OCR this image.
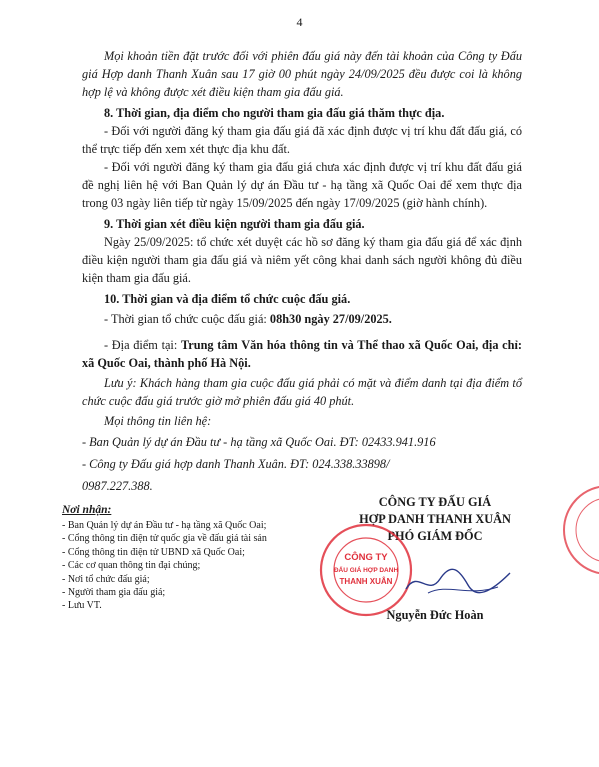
4
Mọi khoản tiền đặt trước đối với phiên đấu giá này đến tài khoản của Công ty Đấu giá Hợp danh Thanh Xuân sau 17 giờ 00 phút ngày 24/09/2025 đều được coi là không hợp lệ và không được xét điều kiện tham gia đấu giá.
8. Thời gian, địa điểm cho người tham gia đấu giá thăm thực địa.
- Đối với người đăng ký tham gia đấu giá đã xác định được vị trí khu đất đấu giá, có thể trực tiếp đến xem xét thực địa khu đất.
- Đối với người đăng ký tham gia đấu giá chưa xác định được vị trí khu đất đấu giá đề nghị liên hệ với Ban Quản lý dự án Đầu tư - hạ tầng xã Quốc Oai để xem thực địa trong 03 ngày liên tiếp từ ngày 15/09/2025 đến ngày 17/09/2025 (giờ hành chính).
9. Thời gian xét điều kiện người tham gia đấu giá.
Ngày 25/09/2025: tổ chức xét duyệt các hồ sơ đăng ký tham gia đấu giá để xác định điều kiện người tham gia đấu giá và niêm yết công khai danh sách người không đủ điều kiện tham gia đấu giá.
10. Thời gian và địa điểm tổ chức cuộc đấu giá.
- Thời gian tổ chức cuộc đấu giá: 08h30 ngày 27/09/2025.
- Địa điểm tại: Trung tâm Văn hóa thông tin và Thể thao xã Quốc Oai, địa chỉ: xã Quốc Oai, thành phố Hà Nội.
Lưu ý: Khách hàng tham gia cuộc đấu giá phải có mặt và điểm danh tại địa điểm tổ chức cuộc đấu giá trước giờ mở phiên đấu giá 40 phút.
Mọi thông tin liên hệ:
- Ban Quản lý dự án Đầu tư - hạ tầng xã Quốc Oai. ĐT: 02433.941.916
- Công ty Đấu giá hợp danh Thanh Xuân. ĐT: 024.338.33898/
0987.227.388.
Nơi nhận:
- Ban Quản lý dự án Đầu tư - hạ tầng xã Quốc Oai;
- Cổng thông tin điện tử quốc gia về đấu giá tài sản
- Cổng thông tin điện tử UBND xã Quốc Oai;
- Các cơ quan thông tin đại chúng;
- Nơi tổ chức đấu giá;
- Người tham gia đấu giá;
- Lưu VT.
CÔNG TY ĐẤU GIÁ
HỢP DANH THANH XUÂN
PHÓ GIÁM ĐỐC
CÔNG TY
ĐẤU GIÁ HỢP DANH
THANH XUÂN
Nguyễn Đức Hoàn
